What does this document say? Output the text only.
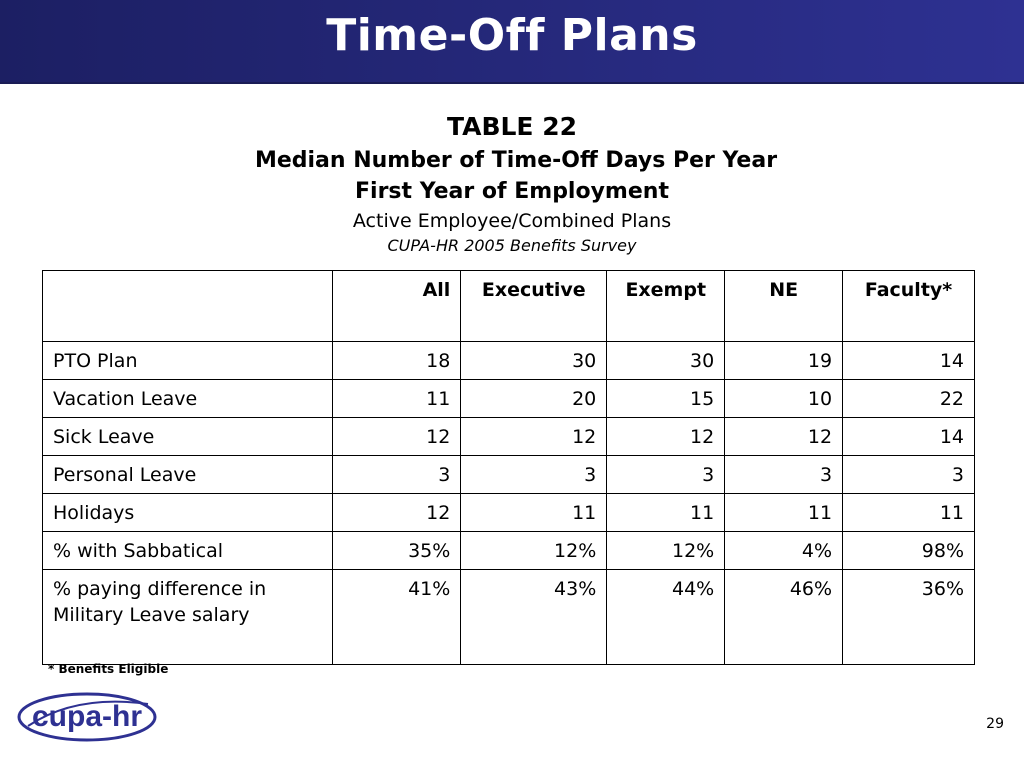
Time-Off Plans
TABLE 22
Median Number of Time-Off Days Per Year
First Year of Employment
Active Employee/Combined Plans
CUPA-HR 2005 Benefits Survey
	All	Executive	Exempt	NE	Faculty*
PTO Plan	18	30	30	19	14
Vacation Leave	11	20	15	10	22
Sick Leave	12	12	12	12	14
Personal Leave	3	3	3	3	3
Holidays	12	11	11	11	11
% with Sabbatical	35%	12%	12%	4%	98%
% paying difference in
Military Leave salary	41%	43%	44%	46%	36%
* Benefits Eligible
cupa-hr	29
